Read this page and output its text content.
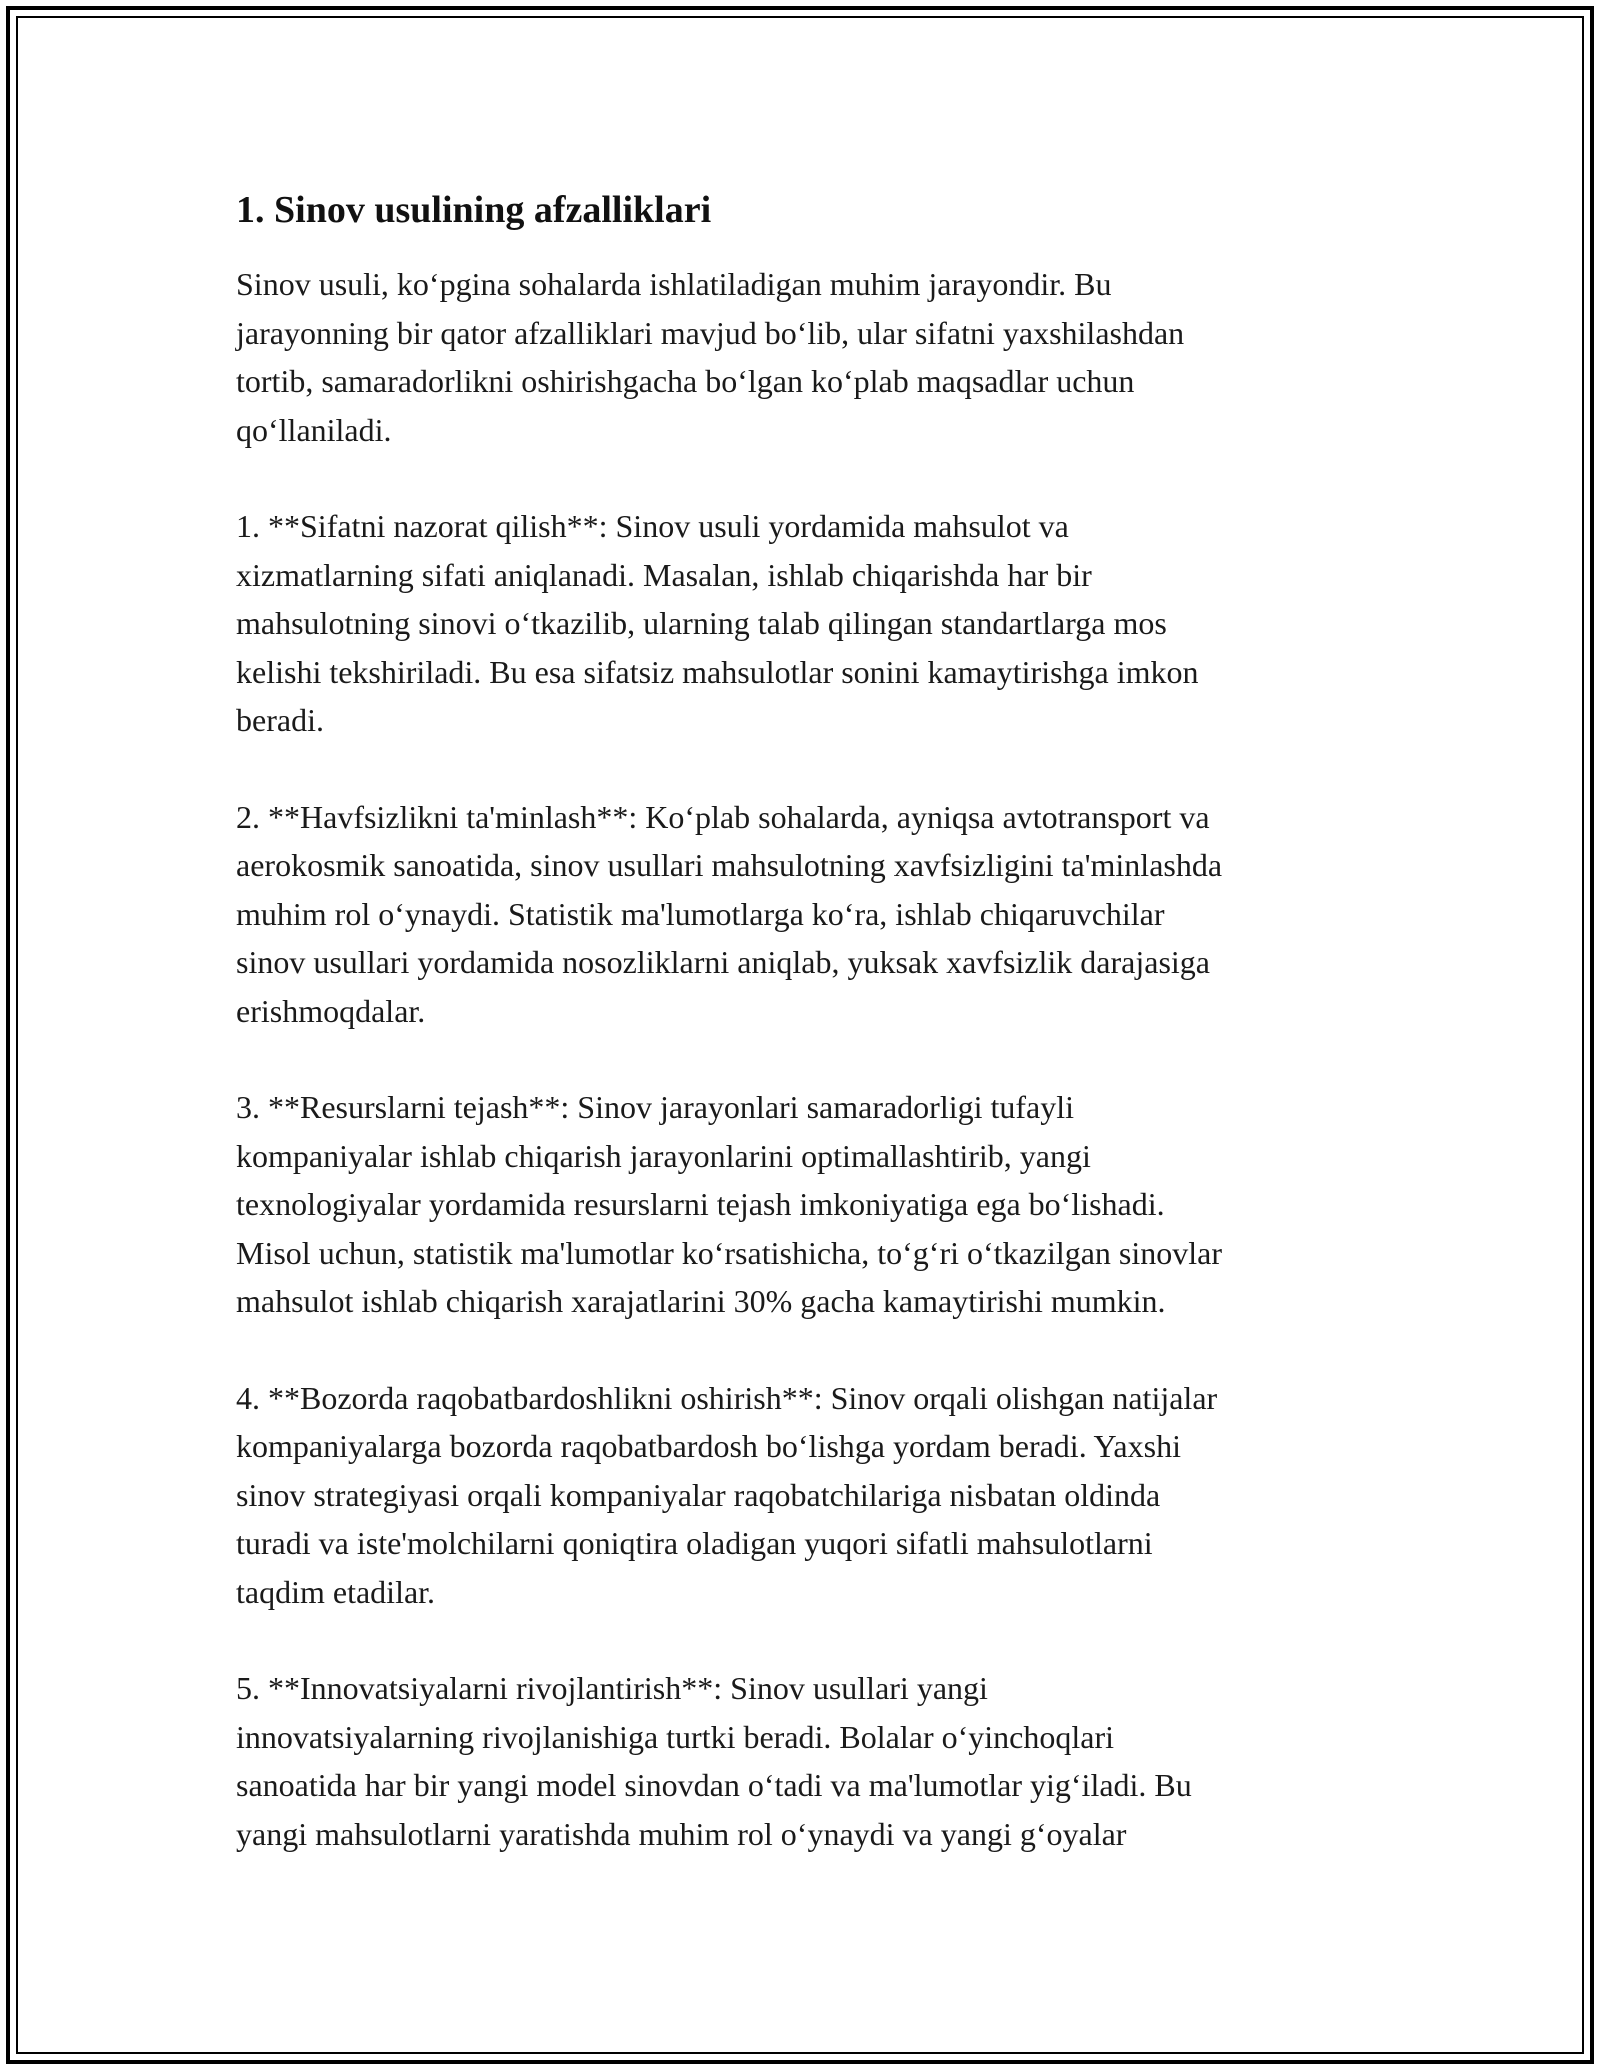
1. Sinov usulining afzalliklari

Sinov usuli, ko‘pgina sohalarda ishlatiladigan muhim jarayondir. Bu
jarayonning bir qator afzalliklari mavjud bo‘lib, ular sifatni yaxshilashdan
tortib, samaradorlikni oshirishgacha bo‘lgan ko‘plab maqsadlar uchun
qo‘llaniladi.

1. **Sifatni nazorat qilish**: Sinov usuli yordamida mahsulot va
xizmatlarning sifati aniqlanadi. Masalan, ishlab chiqarishda har bir
mahsulotning sinovi o‘tkazilib, ularning talab qilingan standartlarga mos
kelishi tekshiriladi. Bu esa sifatsiz mahsulotlar sonini kamaytirishga imkon
beradi.

2. **Havfsizlikni ta'minlash**: Ko‘plab sohalarda, ayniqsa avtotransport va
aerokosmik sanoatida, sinov usullari mahsulotning xavfsizligini ta'minlashda
muhim rol o‘ynaydi. Statistik ma'lumotlarga ko‘ra, ishlab chiqaruvchilar
sinov usullari yordamida nosozliklarni aniqlab, yuksak xavfsizlik darajasiga
erishmoqdalar.

3. **Resurslarni tejash**: Sinov jarayonlari samaradorligi tufayli
kompaniyalar ishlab chiqarish jarayonlarini optimallashtirib, yangi
texnologiyalar yordamida resurslarni tejash imkoniyatiga ega bo‘lishadi.
Misol uchun, statistik ma'lumotlar ko‘rsatishicha, to‘g‘ri o‘tkazilgan sinovlar
mahsulot ishlab chiqarish xarajatlarini 30% gacha kamaytirishi mumkin.

4. **Bozorda raqobatbardoshlikni oshirish**: Sinov orqali olishgan natijalar
kompaniyalarga bozorda raqobatbardosh bo‘lishga yordam beradi. Yaxshi
sinov strategiyasi orqali kompaniyalar raqobatchilariga nisbatan oldinda
turadi va iste'molchilarni qoniqtira oladigan yuqori sifatli mahsulotlarni
taqdim etadilar.

5. **Innovatsiyalarni rivojlantirish**: Sinov usullari yangi
innovatsiyalarning rivojlanishiga turtki beradi. Bolalar o‘yinchoqlari
sanoatida har bir yangi model sinovdan o‘tadi va ma'lumotlar yig‘iladi. Bu
yangi mahsulotlarni yaratishda muhim rol o‘ynaydi va yangi g‘oyalar
